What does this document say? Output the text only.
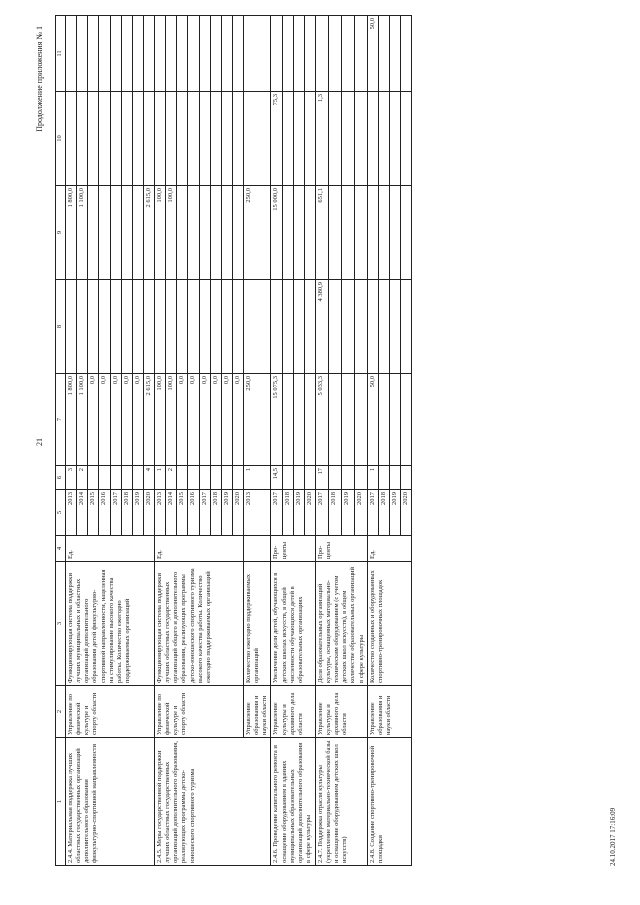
21
Продолжение приложения № 1
1	2	3	4	5	6	7	8	9	10	11
2.4.4. Материальная поддержка лучших областных государственных организаций дополнительного образования физкультурно-спортивной направленности	Управление по физической культуре и спорту области	Функционирующая система поддержки лучших муниципальных и областных организаций дополнительного образования детей физкультурно-спортивной направленности, нацеленная на стимулирование высокого качества работы. Количество ежегодно поддерживаемых организаций	Ед.	2013	3	1 800,0		1 800,0		
				2014	2	1 100,0		1 100,0		
				2015		0,0				
				2016		0,0				
				2017		0,0				
				2018		0,0				
				2019		0,0				
				2020	4	2 615,0		2 615,0		
2.4.5. Меры государственной поддержки лучших областных государственных организаций дополнительного образования, реализующих программы детско-юношеского спортивного туризма	Управление по физической культуре и спорту области	Функционирующая система поддержки лучших областных государственных организаций общего и дополнительного образования, реализующих программы детско-юношеского спортивного туризма высокого качества работы. Количество ежегодно поддерживаемых организаций	Ед.	2013	1	100,0		100,0		
				2014	2	100,0		100,0		
				2015		0,0				
				2016		0,0				
				2017		0,0				
				2018		0,0				
				2019		0,0				
				2020		0,0				
	Управление образования и науки области	Количество ежегодно поддерживаемых организаций		2013	1	250,0		250,0		
2.4.6. Проведение капитального ремонта и оснащение оборудованием в зданиях муниципальных образовательных организаций дополнительного образования в сфере культуры	Управление культуры и архивного дела области	Увеличение доли детей, обучающихся в детских школах искусств, в общей численности обучающихся детей в образовательных организациях	Про-центы	2017	14,5	15 075,3		15 000,0	75,3	
				2018						
				2019						
				2020						
2.4.7. Поддержка отрасли культуры (укрепление материально-технической базы и оснащение оборудованием детских школ искусств)	Управление культуры и архивного дела области	Доля образовательных организаций культуры, оснащенных материально-техническим оборудованием (с учетом детских школ искусств), в общем количестве образовательных организаций в сфере культуры	Про-центы	2017	17	5 033,3	4 380,9	651,1	1,3	
				2018						
				2019						
				2020						
2.4.8. Создание спортивно-тренировочной площадки	Управление образования и науки области	Количество созданных и оборудованных спортивно-тренировочных площадок	Ед.	2017	1	50,0				50,0
				2018						
				2019						
				2020						
24.10.2017 17:16:09
